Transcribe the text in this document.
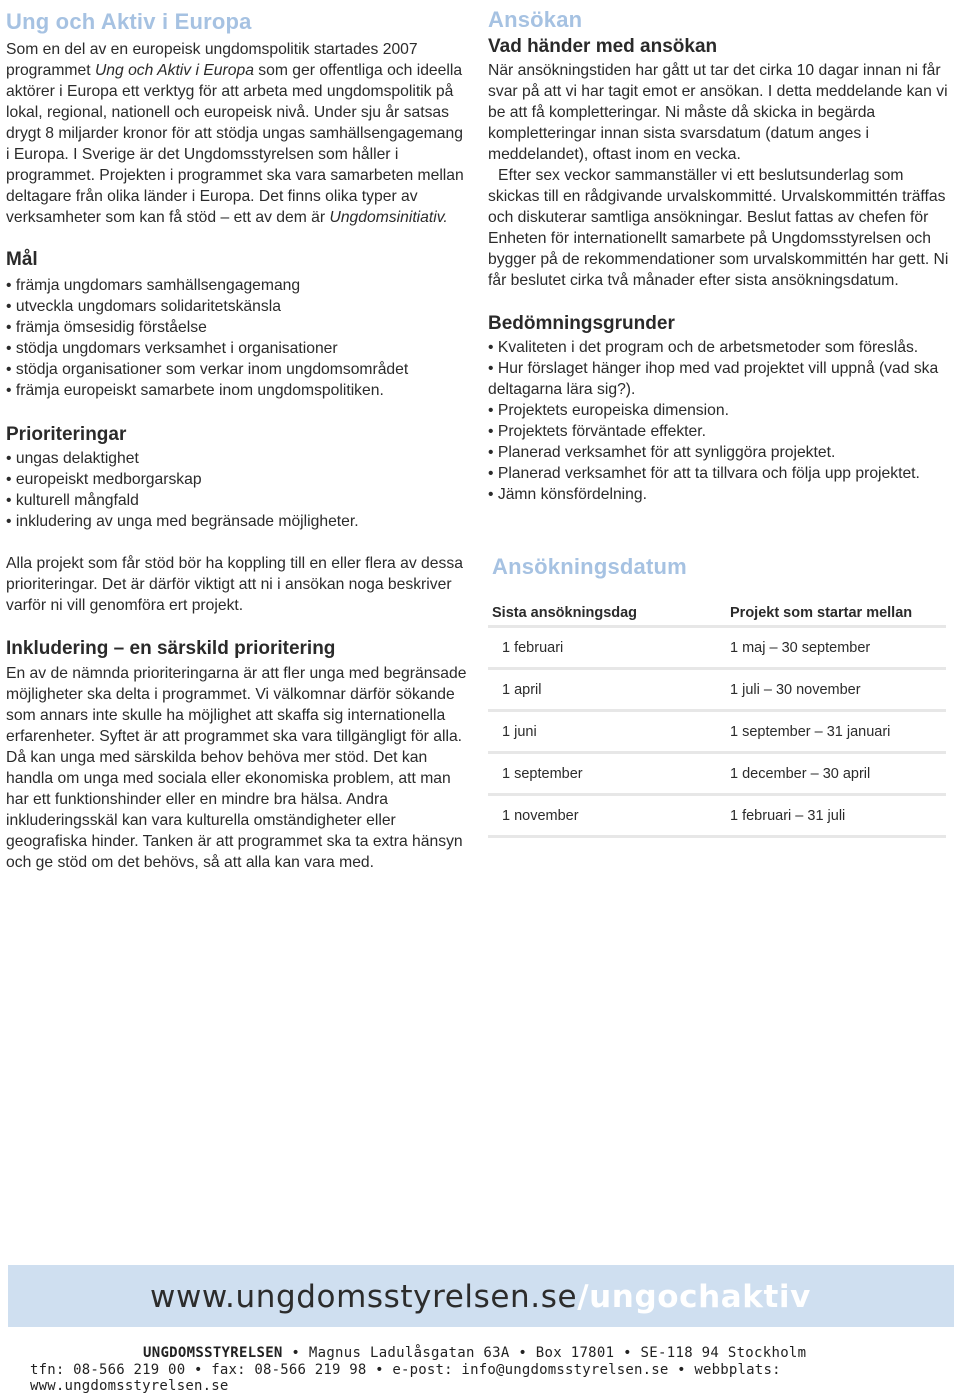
Ung och Aktiv i Europa

Som en del av en europeisk ungdomspolitik startades 2007 programmet Ung och Aktiv i Europa som ger offentliga och ideella aktörer i Europa ett verktyg för att arbeta med ungdomspolitik på lokal, regional, nationell och europeisk nivå. Under sju år satsas drygt 8 miljarder kronor för att stödja ungas samhällsengagemang i Europa. I Sverige är det Ungdomsstyrelsen som håller i programmet. Projekten i programmet ska vara samarbeten mellan deltagare från olika länder i Europa. Det finns olika typer av verksamheter som kan få stöd – ett av dem är Ungdomsinitiativ.

Mål
• främja ungdomars samhällsengagemang
• utveckla ungdomars solidaritetskänsla
• främja ömsesidig förståelse
• stödja ungdomars verksamhet i organisationer
• stödja organisationer som verkar inom ungdomsområdet
• främja europeiskt samarbete inom ungdomspolitiken.
Prioriteringar
• ungas delaktighet
• europeiskt medborgarskap
• kulturell mångfald
• inkludering av unga med begränsade möjligheter.

Alla projekt som får stöd bör ha koppling till en eller flera av dessa prioriteringar. Det är därför viktigt att ni i ansökan noga beskriver varför ni vill genomföra ert projekt.

Inkludering – en särskild prioritering

En av de nämnda prioriteringarna är att fler unga med begränsade möjligheter ska delta i programmet. Vi välkomnar därför sökande som annars inte skulle ha möjlighet att skaffa sig internationella erfarenheter. Syftet är att programmet ska vara tillgängligt för alla. Då kan unga med särskilda behov behöva mer stöd. Det kan handla om unga med sociala eller ekonomiska problem, att man har ett funktionshinder eller en mindre bra hälsa. Andra inkluderingsskäl kan vara kulturella omständigheter eller geografiska hinder. Tanken är att programmet ska ta extra hänsyn och ge stöd om det behövs, så att alla kan vara med.

Ansökan
Vad händer med ansökan

När ansökningstiden har gått ut tar det cirka 10 dagar innan ni får svar på att vi har tagit emot er ansökan. I detta meddelande kan vi be att få kompletteringar. Ni måste då skicka in begärda kompletteringar innan sista svarsdatum (datum anges i meddelandet), oftast inom en vecka.

Efter sex veckor sammanställer vi ett beslutsunderlag som skickas till en rådgivande urvalskommitté. Urvalskommittén träffas och diskuterar samtliga ansökningar. Beslut fattas av chefen för Enheten för internationellt samarbete på Ungdomsstyrelsen och bygger på de rekommendationer som urvalskommittén har gett. Ni får beslutet cirka två månader efter sista ansökningsdatum.

Bedömningsgrunder
• Kvaliteten i det program och de arbetsmetoder som föreslås.
• Hur förslaget hänger ihop med vad projektet vill uppnå (vad ska deltagarna lära sig?).
• Projektets europeiska dimension.
• Projektets förväntade effekter.
• Planerad verksamhet för att synliggöra projektet.
• Planerad verksamhet för att ta tillvara och följa upp projektet.
• Jämn könsfördelning.
Ansökningsdatum
Sista ansökningsdag	Projekt som startar mellan
1 februari	1 maj – 30 september
1 april	1 juli – 30 november
1 juni	1 september – 31 januari
1 september	1 december – 30 april
1 november	1 februari – 31 juli
www.ungdomsstyrelsen.se/ungochaktiv
UNGDOMSSTYRELSEN • Magnus Ladulåsgatan 63A • Box 17801 • SE-118 94 Stockholm
tfn: 08-566 219 00 • fax: 08-566 219 98 • e-post: info@ungdomsstyrelsen.se • webbplats: www.ungdomsstyrelsen.se
